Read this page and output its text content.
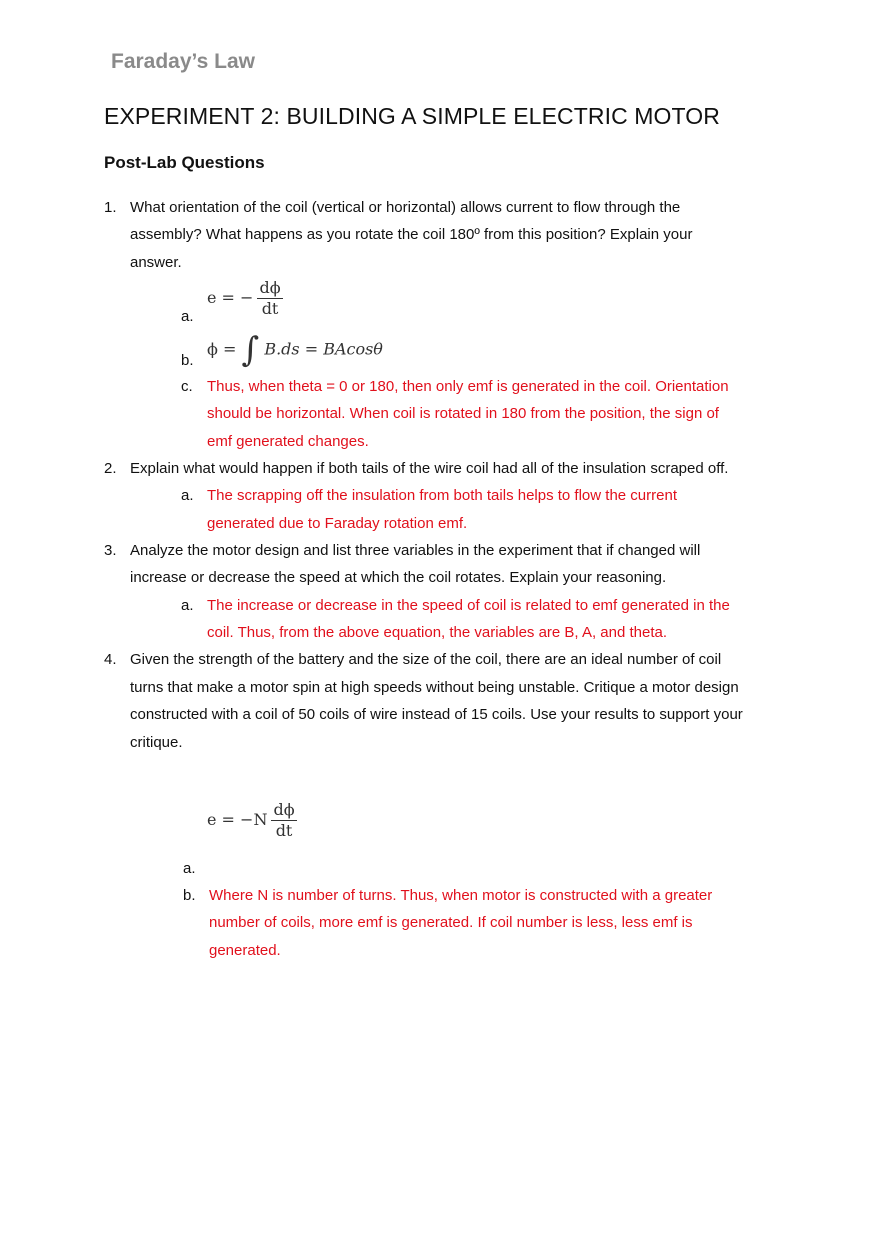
Faraday’s Law
EXPERIMENT 2: BUILDING A SIMPLE ELECTRIC MOTOR
Post-Lab Questions
1. What orientation of the coil (vertical or horizontal) allows current to flow through the
assembly? What happens as you rotate the coil 180º from this position? Explain your
answer.
a.
e = − $\frac{d\phi}{dt}$
b.
ϕ = ∫ B.ds = BAcosθ
c. Thus, when theta = 0 or 180, then only emf is generated in the coil. Orientation
should be horizontal. When coil is rotated in 180 from the position, the sign of
emf generated changes.
2. Explain what would happen if both tails of the wire coil had all of the insulation scraped off.
a. The scrapping off the insulation from both tails helps to flow the current
generated due to Faraday rotation emf.
3. Analyze the motor design and list three variables in the experiment that if changed will
increase or decrease the speed at which the coil rotates. Explain your reasoning.
a. The increase or decrease in the speed of coil is related to emf generated in the
coil. Thus, from the above equation, the variables are B, A, and theta.
4. Given the strength of the battery and the size of the coil, there are an ideal number of coil
turns that make a motor spin at high speeds without being unstable. Critique a motor design
constructed with a coil of 50 coils of wire instead of 15 coils. Use your results to support your
critique.
$e = -N \frac{d\phi}{dt}$
a.
b. Where N is number of turns. Thus, when motor is constructed with a greater
number of coils, more emf is generated. If coil number is less, less emf is
generated.
